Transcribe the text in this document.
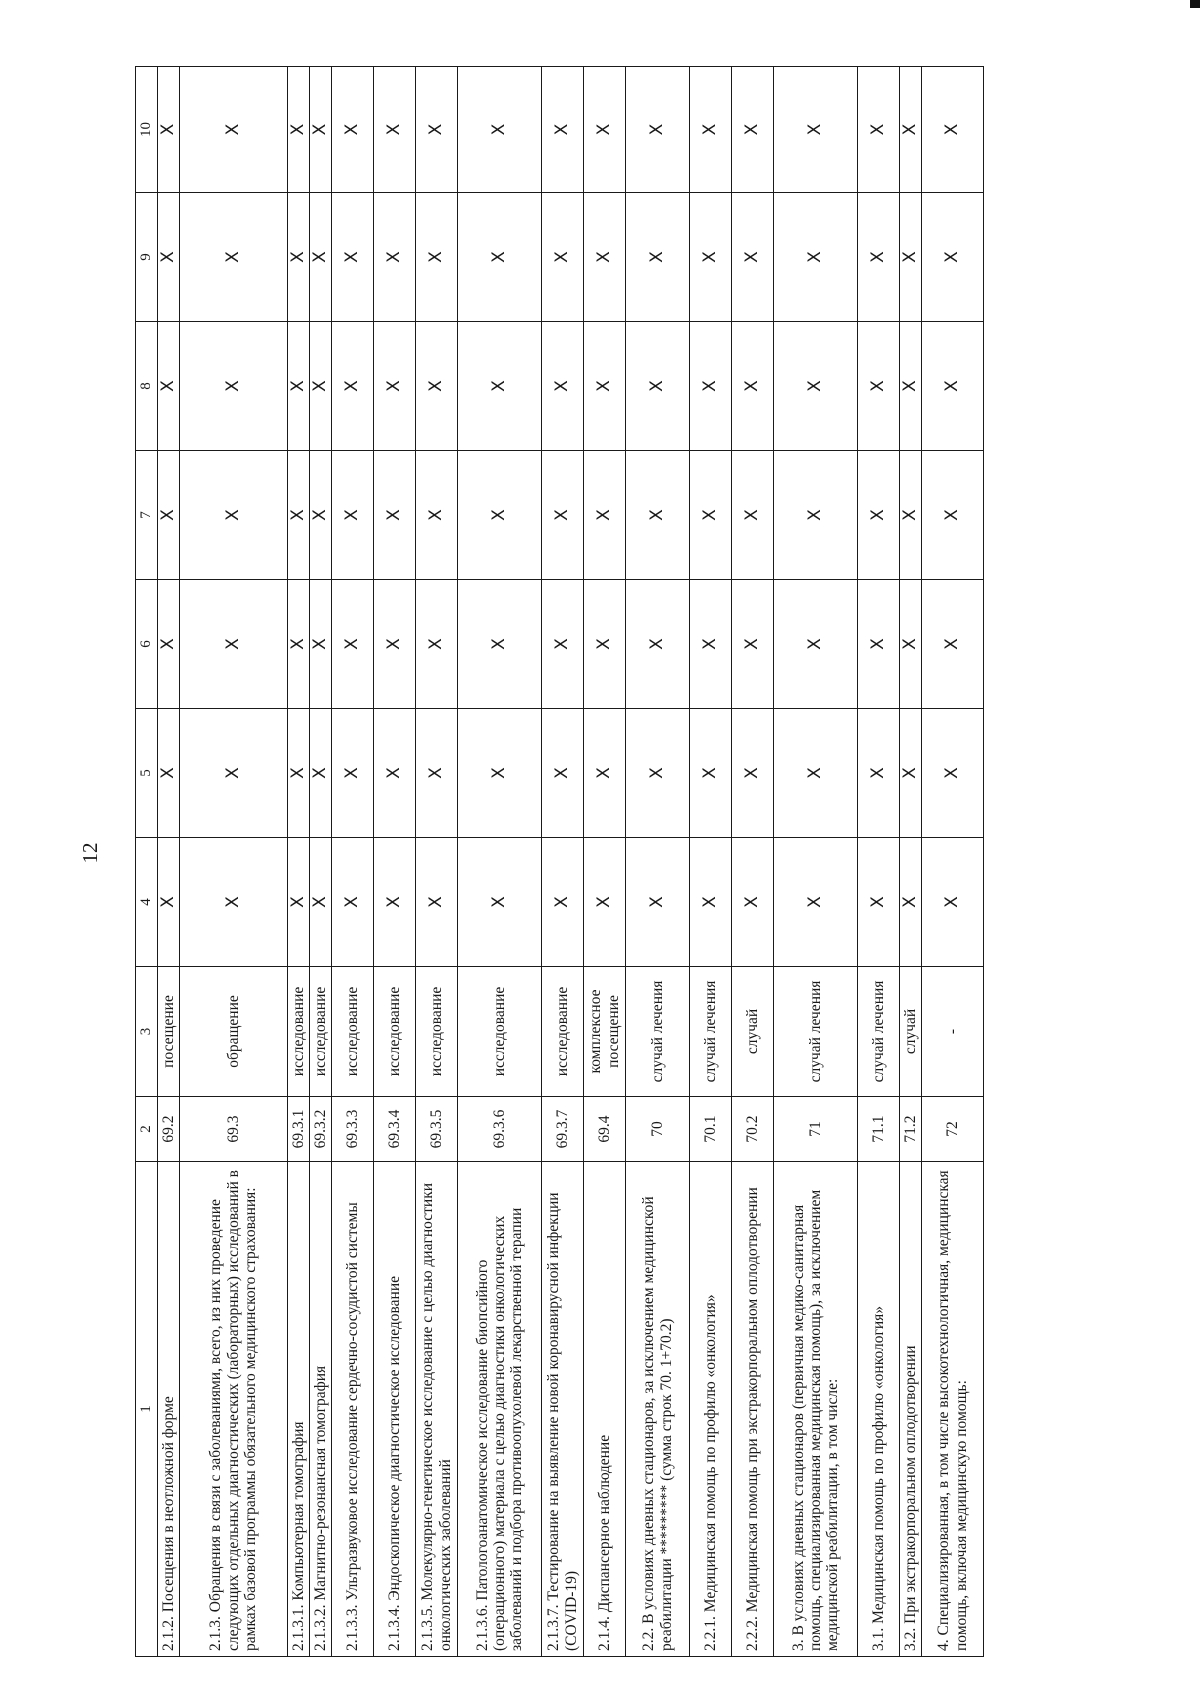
12
1	2	3	4	5	6	7	8	9	10
2.1.2. Посещения в неотложной форме	69.2	посещение	X	X	X	X	X	X	X
2.1.3. Обращения в связи с заболеваниями, всего, из них проведение следующих отдельных диагностических (лабораторных) исследований в рамках базовой программы обязательного медицинского страхования:	69.3	обращение	X	X	X	X	X	X	X
2.1.3.1. Компьютерная томография	69.3.1	исследование	X	X	X	X	X	X	X
2.1.3.2. Магнитно-резонансная томография	69.3.2	исследование	X	X	X	X	X	X	X
2.1.3.3. Ультразвуковое исследование сердечно-сосудистой системы	69.3.3	исследование	X	X	X	X	X	X	X
2.1.3.4. Эндоскопическое диагностическое исследование	69.3.4	исследование	X	X	X	X	X	X	X
2.1.3.5. Молекулярно-генетическое исследование с целью диагностики онкологических заболеваний	69.3.5	исследование	X	X	X	X	X	X	X
2.1.3.6. Патологоанатомическое исследование биопсийного (операционного) материала с целью диагностики онкологических заболеваний и подбора противоопухолевой лекарственной терапии	69.3.6	исследование	X	X	X	X	X	X	X
2.1.3.7. Тестирование на выявление новой коронавирусной инфекции (COVID-19)	69.3.7	исследование	X	X	X	X	X	X	X
2.1.4. Диспансерное наблюдение	69.4	комплексное посещение	X	X	X	X	X	X	X
2.2. В условиях дневных стационаров, за исключением медицинской реабилитации ********* (сумма строк 70. 1+70.2)	70	случай лечения	X	X	X	X	X	X	X
2.2.1. Медицинская помощь по профилю «онкология»	70.1	случай лечения	X	X	X	X	X	X	X
2.2.2. Медицинская помощь при экстракорпоральном оплодотворении	70.2	случай	X	X	X	X	X	X	X
3. В условиях дневных стационаров (первичная медико-санитарная помощь, специализированная медицинская помощь), за исключением медицинской реабилитации, в том числе:	71	случай лечения	X	X	X	X	X	X	X
3.1. Медицинская помощь по профилю «онкология»	71.1	случай лечения	X	X	X	X	X	X	X
3.2. При экстракорпоральном оплодотворении	71.2	случай	X	X	X	X	X	X	X
4. Специализированная, в том числе высокотехнологичная, медицинская помощь, включая медицинскую помощь:	72	-	X	X	X	X	X	X	X
